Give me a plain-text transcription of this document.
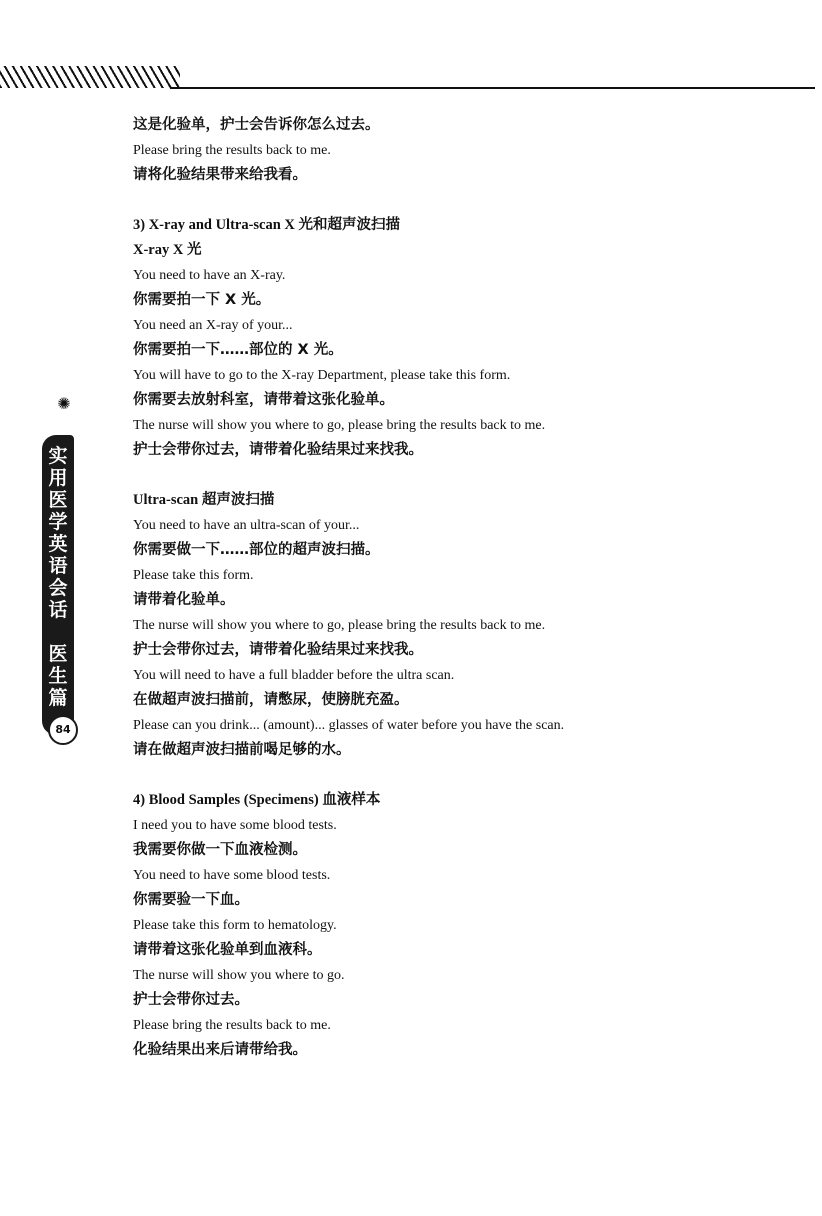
✺
实用医学英语会话
医生篇
84

这是化验单，护士会告诉你怎么过去。

Please bring the results back to me.

请将化验结果带来给我看。

3) X-ray and Ultra-scan X 光和超声波扫描

X-ray X 光

You need to have an X-ray.

你需要拍一下 X 光。

You need an X-ray of your...

你需要拍一下……部位的 X 光。

You will have to go to the X-ray Department, please take this form.

你需要去放射科室，请带着这张化验单。

The nurse will show you where to go, please bring the results back to me.

护士会带你过去，请带着化验结果过来找我。

Ultra-scan 超声波扫描

You need to have an ultra-scan of your...

你需要做一下……部位的超声波扫描。

Please take this form.

请带着化验单。

The nurse will show you where to go, please bring the results back to me.

护士会带你过去，请带着化验结果过来找我。

You will need to have a full bladder before the ultra scan.

在做超声波扫描前，请憋尿，使膀胱充盈。

Please can you drink... (amount)... glasses of water before you have the scan.

请在做超声波扫描前喝足够的水。

4) Blood Samples (Specimens) 血液样本

I need you to have some blood tests.

我需要你做一下血液检测。

You need to have some blood tests.

你需要验一下血。

Please take this form to hematology.

请带着这张化验单到血液科。

The nurse will show you where to go.

护士会带你过去。

Please bring the results back to me.

化验结果出来后请带给我。
